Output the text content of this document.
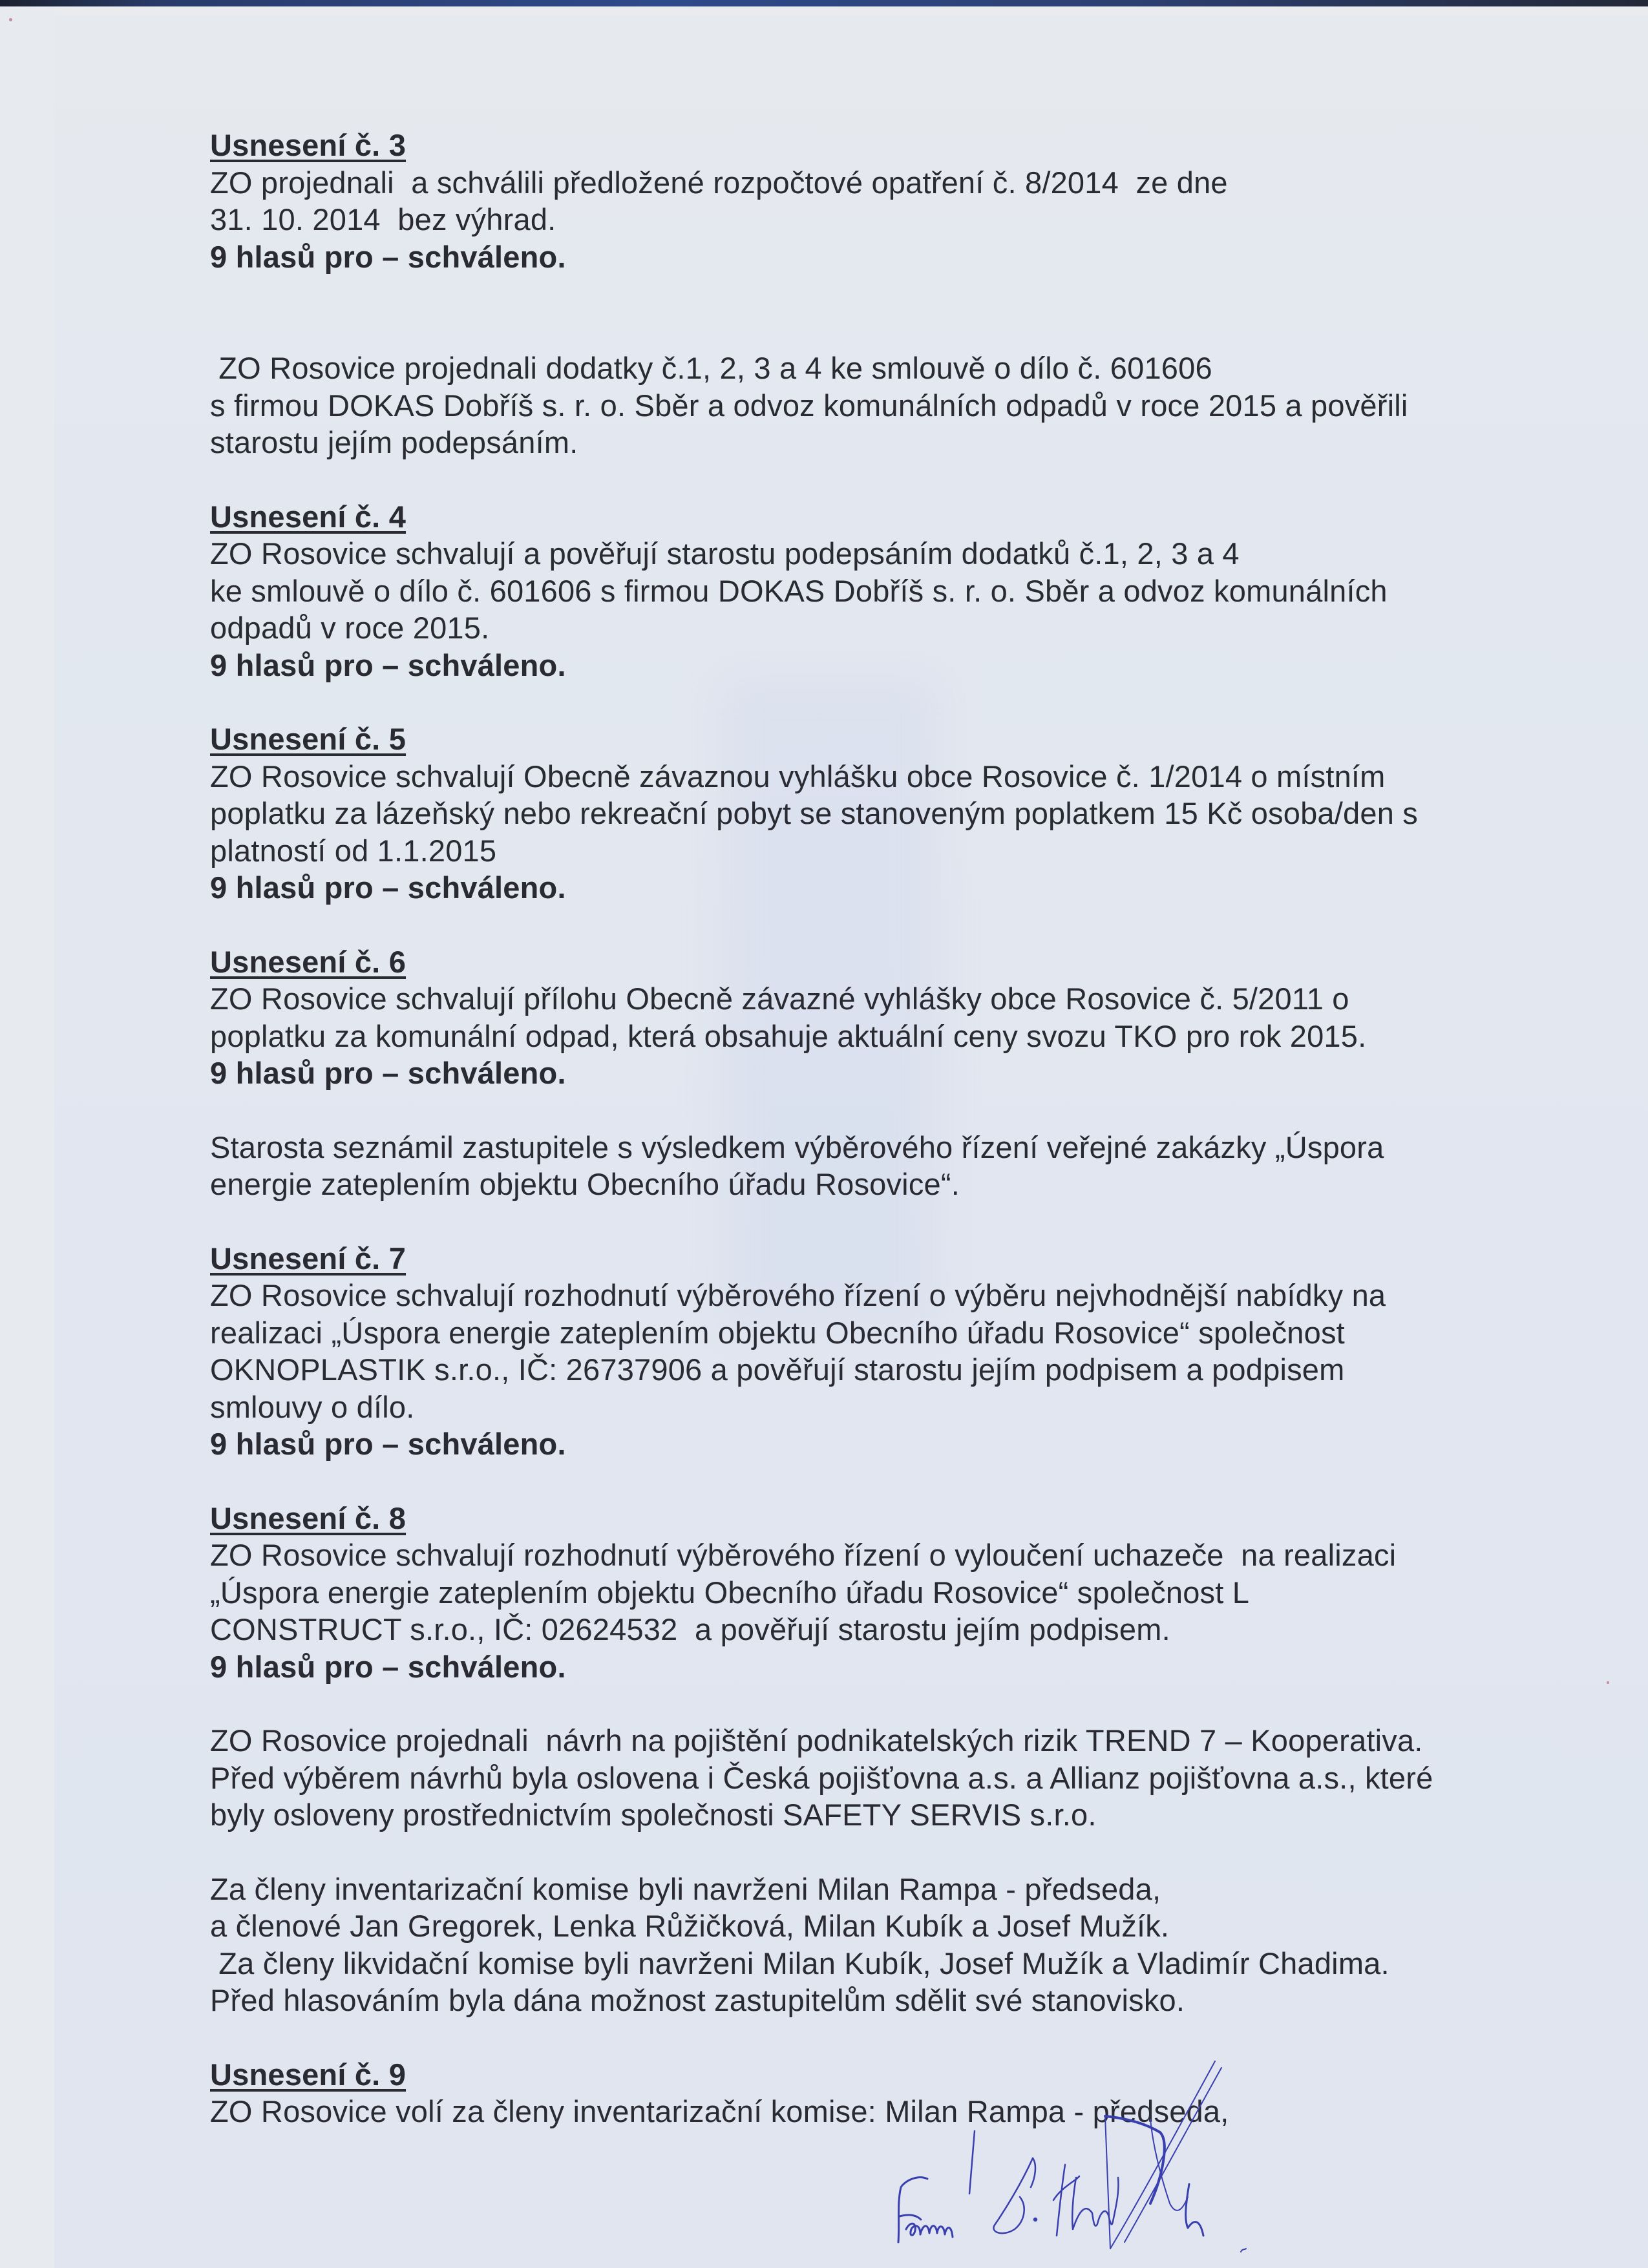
Usnesení č. 3
ZO projednali  a schválili předložené rozpočtové opatření č. 8/2014  ze dne
31. 10. 2014  bez výhrad.
9 hlasů pro – schváleno.
ZO Rosovice projednali dodatky č.1, 2, 3 a 4 ke smlouvě o dílo č. 601606
s firmou DOKAS Dobříš s. r. o. Sběr a odvoz komunálních odpadů v roce 2015 a pověřili
starostu jejím podepsáním.
Usnesení č. 4
ZO Rosovice schvalují a pověřují starostu podepsáním dodatků č.1, 2, 3 a 4
ke smlouvě o dílo č. 601606 s firmou DOKAS Dobříš s. r. o. Sběr a odvoz komunálních
odpadů v roce 2015.
9 hlasů pro – schváleno.
Usnesení č. 5
ZO Rosovice schvalují Obecně závaznou vyhlášku obce Rosovice č. 1/2014 o místním
poplatku za lázeňský nebo rekreační pobyt se stanoveným poplatkem 15 Kč osoba/den s
platností od 1.1.2015
9 hlasů pro – schváleno.
Usnesení č. 6
ZO Rosovice schvalují přílohu Obecně závazné vyhlášky obce Rosovice č. 5/2011 o
poplatku za komunální odpad, která obsahuje aktuální ceny svozu TKO pro rok 2015.
9 hlasů pro – schváleno.
Starosta seznámil zastupitele s výsledkem výběrového řízení veřejné zakázky „Úspora
energie zateplením objektu Obecního úřadu Rosovice“.
Usnesení č. 7
ZO Rosovice schvalují rozhodnutí výběrového řízení o výběru nejvhodnější nabídky na
realizaci „Úspora energie zateplením objektu Obecního úřadu Rosovice“ společnost
OKNOPLASTIK s.r.o., IČ: 26737906 a pověřují starostu jejím podpisem a podpisem
smlouvy o dílo.
9 hlasů pro – schváleno.
Usnesení č. 8
ZO Rosovice schvalují rozhodnutí výběrového řízení o vyloučení uchazeče  na realizaci
„Úspora energie zateplením objektu Obecního úřadu Rosovice“ společnost L
CONSTRUCT s.r.o., IČ: 02624532  a pověřují starostu jejím podpisem.
9 hlasů pro – schváleno.
ZO Rosovice projednali  návrh na pojištění podnikatelských rizik TREND 7 – Kooperativa.
Před výběrem návrhů byla oslovena i Česká pojišťovna a.s. a Allianz pojišťovna a.s., které
byly osloveny prostřednictvím společnosti SAFETY SERVIS s.r.o.
Za členy inventarizační komise byli navrženi Milan Rampa - předseda,
a členové Jan Gregorek, Lenka Růžičková, Milan Kubík a Josef Mužík.
Za členy likvidační komise byli navrženi Milan Kubík, Josef Mužík a Vladimír Chadima.
Před hlasováním byla dána možnost zastupitelům sdělit své stanovisko.
Usnesení č. 9
ZO Rosovice volí za členy inventarizační komise: Milan Rampa - předseda,
